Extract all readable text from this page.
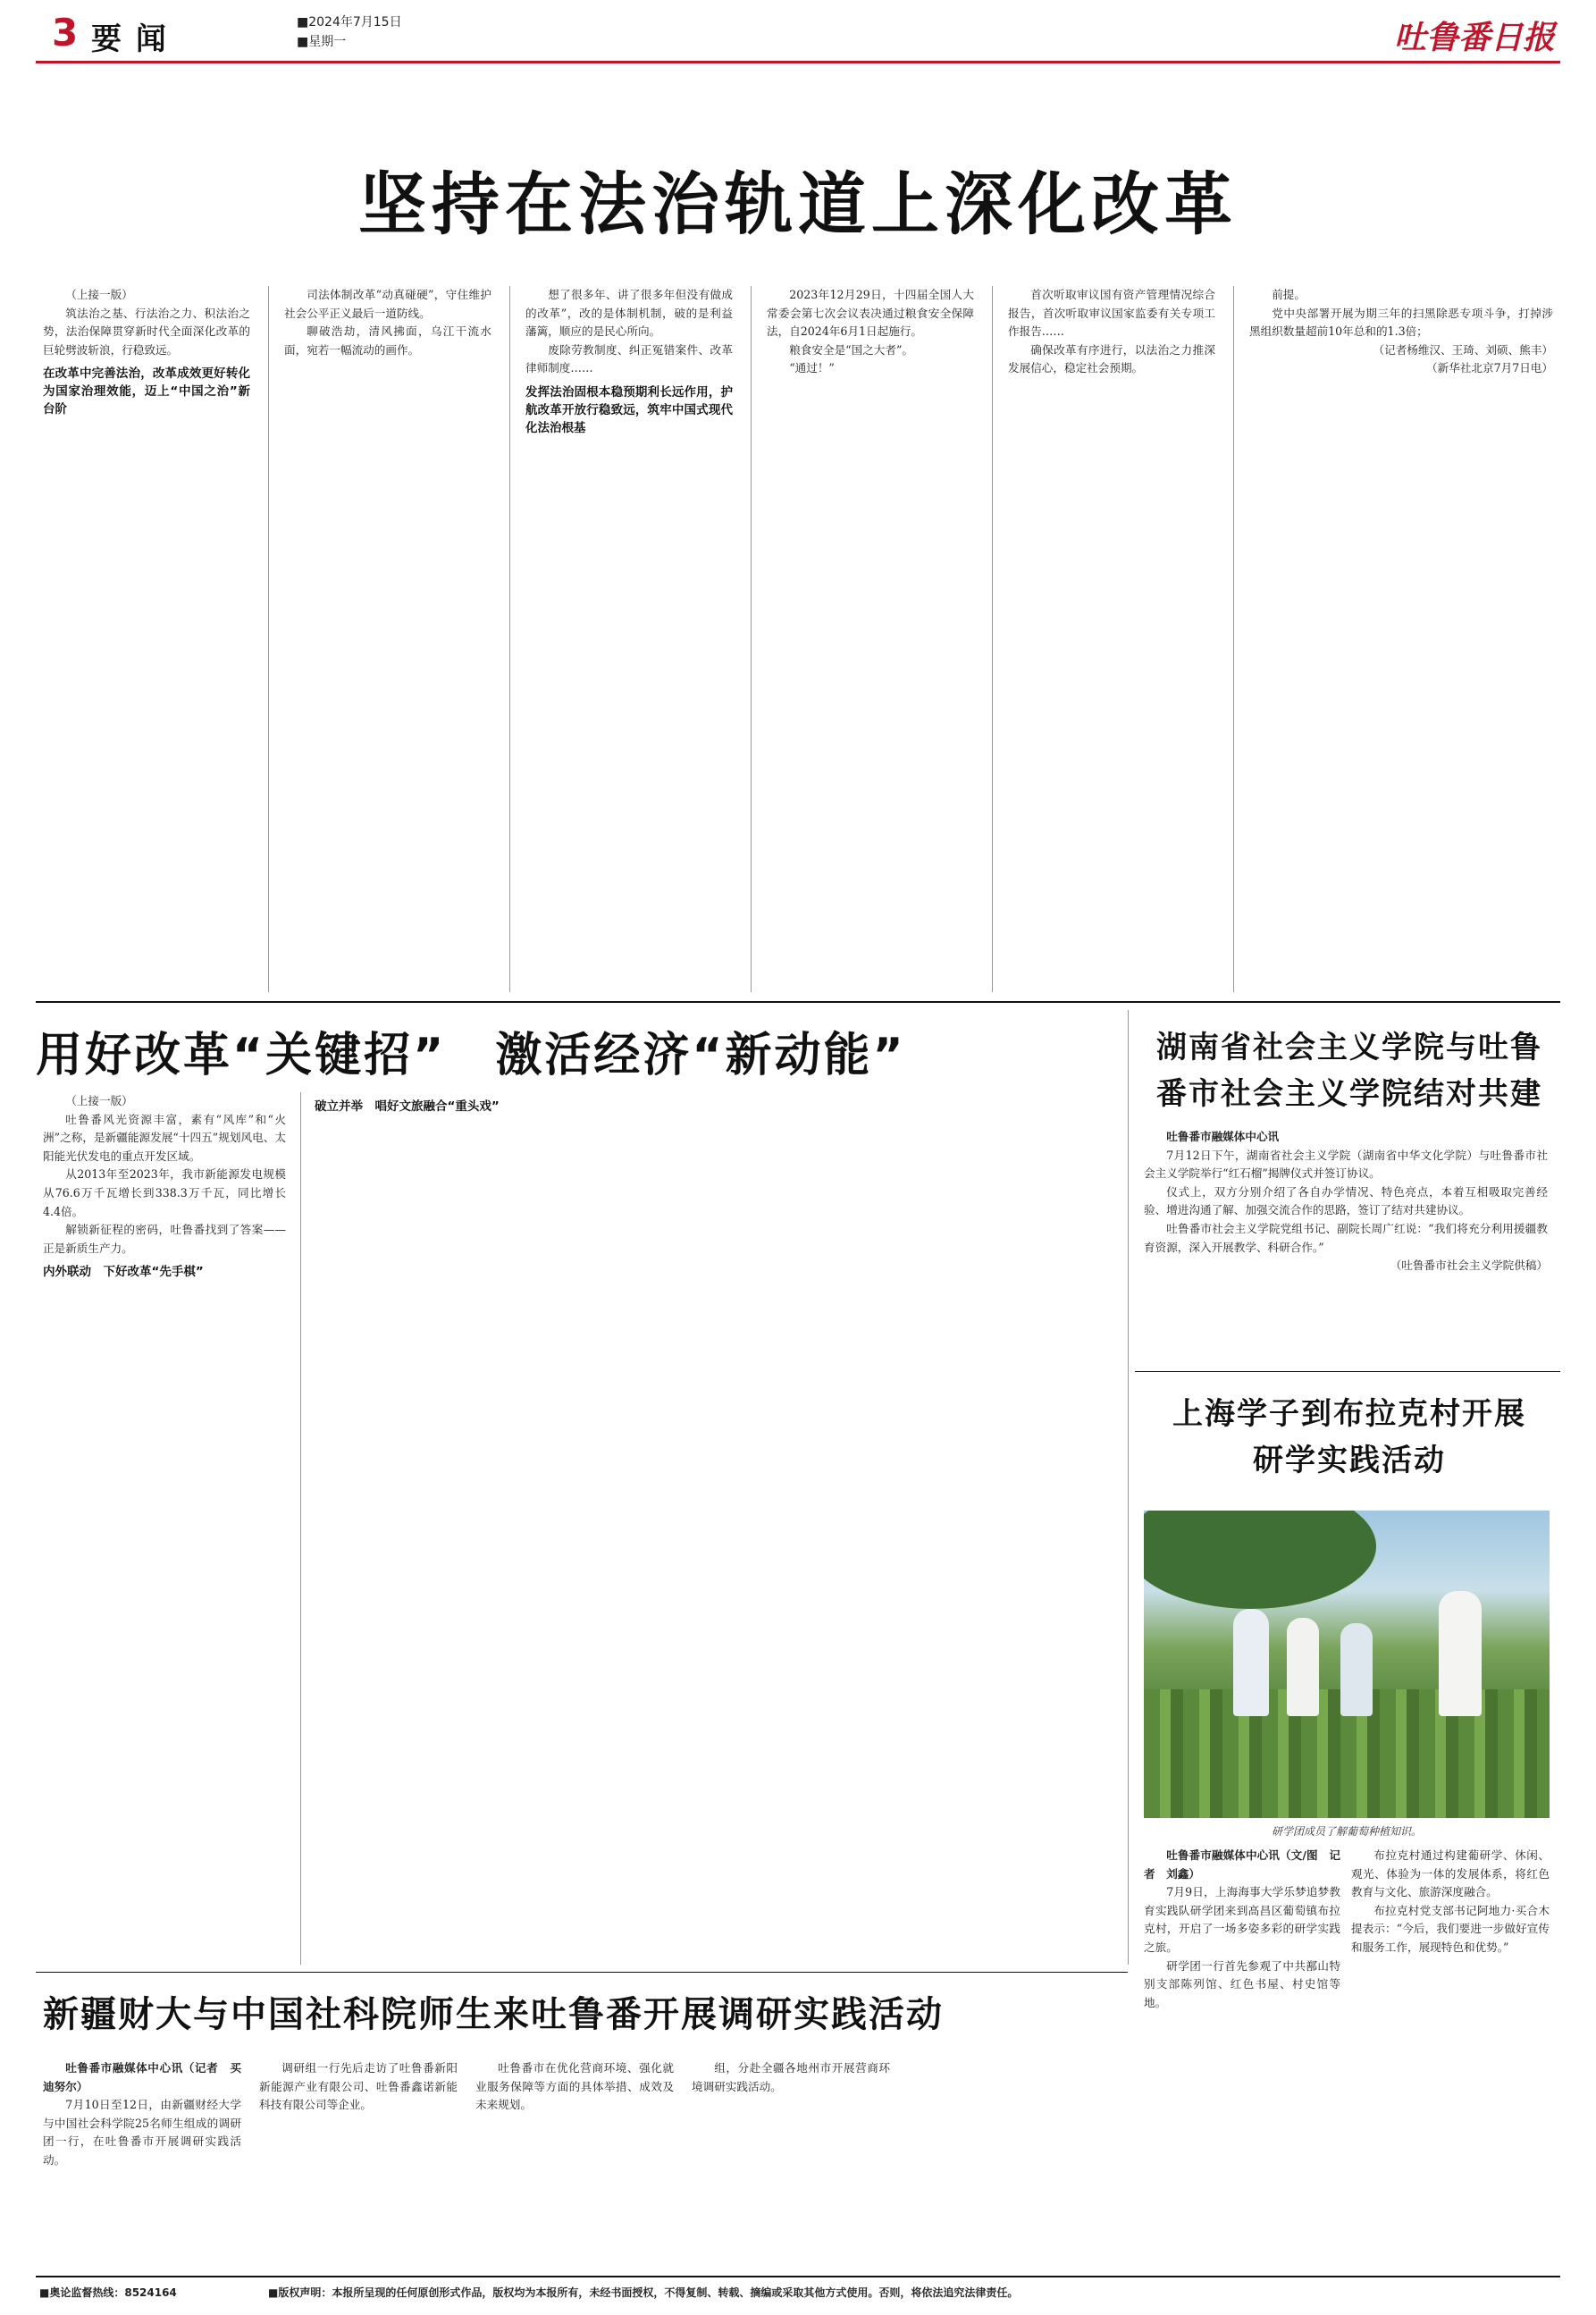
3 要 闻	■2024年7月15日
■星期一	吐鲁番日报
坚持在法治轨道上深化改革

（上接一版）

筑法治之基、行法治之力、积法治之势，法治保障贯穿新时代全面深化改革的巨轮劈波斩浪，行稳致远。

在改革中完善法治，改革成效更好转化为国家治理效能，迈上“中国之治”新台阶

司法体制改革“动真碰硬”，守住维护社会公平正义最后一道防线。

聊破浩劫，清风拂面，乌江干流水面，宛若一幅流动的画作。

想了很多年、讲了很多年但没有做成的改革”，改的是体制机制，破的是利益藩篱，顺应的是民心所向。

废除劳教制度、纠正冤错案件、改革律师制度……

发挥法治固根本稳预期利长远作用，护航改革开放行稳致远，筑牢中国式现代化法治根基

2023年12月29日，十四届全国人大常委会第七次会议表决通过粮食安全保障法，自2024年6月1日起施行。

粮食安全是“国之大者”。

“通过！”

首次听取审议国有资产管理情况综合报告，首次听取审议国家监委有关专项工作报告……

确保改革有序进行，以法治之力推深发展信心，稳定社会预期。

前提。

党中央部署开展为期三年的扫黑除恶专项斗争，打掉涉黑组织数量超前10年总和的1.3倍；

（记者杨维汉、王琦、刘硕、熊丰）

（新华社北京7月7日电）

用好改革“关键招”　激活经济“新动能”

（上接一版）

吐鲁番风光资源丰富，素有“风库”和“火洲”之称，是新疆能源发展“十四五”规划风电、太阳能光伏发电的重点开发区域。

从2013年至2023年，我市新能源发电规模从76.6万千瓦增长到338.3万千瓦，同比增长4.4倍。

解锁新征程的密码，吐鲁番找到了答案——正是新质生产力。

内外联动　下好改革“先手棋”
破立并举　唱好文旅融合“重头戏”
湖南省社会主义学院与吐鲁番市社会主义学院结对共建

吐鲁番市融媒体中心讯

7月12日下午，湖南省社会主义学院（湖南省中华文化学院）与吐鲁番市社会主义学院举行“红石榴”揭牌仪式并签订协议。

仪式上，双方分别介绍了各自办学情况、特色亮点，本着互相吸取完善经验、增进沟通了解、加强交流合作的思路，签订了结对共建协议。

吐鲁番市社会主义学院党组书记、副院长周广红说：“我们将充分利用援疆教育资源，深入开展教学、科研合作。”

（吐鲁番市社会主义学院供稿）

上海学子到布拉克村开展研学实践活动
研学团成员了解葡萄种植知识。

吐鲁番市融媒体中心讯（文/图　记者　刘鑫）

7月9日，上海海事大学乐梦追梦教育实践队研学团来到高昌区葡萄镇布拉克村，开启了一场多姿多彩的研学实践之旅。

研学团一行首先参观了中共鄯山特别支部陈列馆、红色书屋、村史馆等地。

布拉克村通过构建葡研学、休闲、观光、体验为一体的发展体系，将红色教育与文化、旅游深度融合。

布拉克村党支部书记阿地力·买合木提表示：“今后，我们要进一步做好宣传和服务工作，展现特色和优势。”

新疆财大与中国社科院师生来吐鲁番开展调研实践活动

吐鲁番市融媒体中心讯（记者　买迪努尔）

7月10日至12日，由新疆财经大学与中国社会科学院25名师生组成的调研团一行，在吐鲁番市开展调研实践活动。

调研组一行先后走访了吐鲁番新阳新能源产业有限公司、吐鲁番鑫诺新能科技有限公司等企业。

吐鲁番市在优化营商环境、强化就业服务保障等方面的具体举措、成效及未来规划。

组，分赴全疆各地州市开展营商环境调研实践活动。

■奥论监督热线：8524164	■版权声明：本报所呈现的任何原创形式作品，版权均为本报所有，未经书面授权，不得复制、转载、摘编或采取其他方式使用。否则，将依法追究法律责任。
